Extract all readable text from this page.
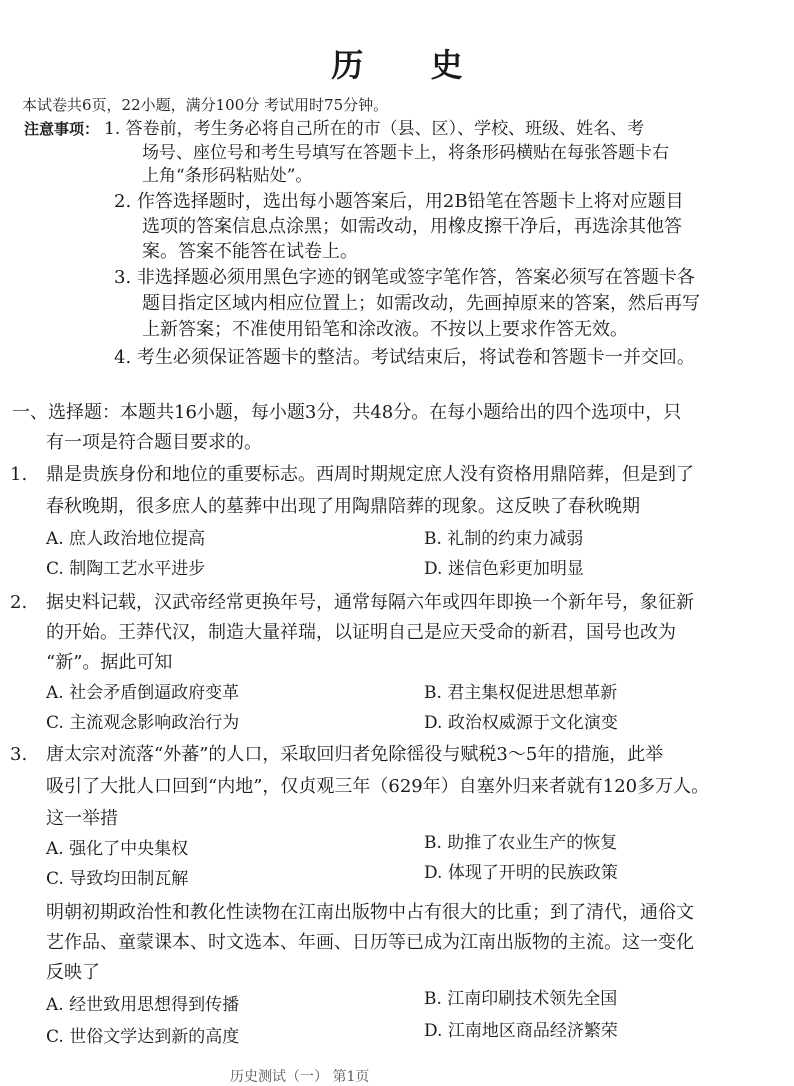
历 史
本试卷共6页，22小题，满分100分 考试用时75分钟。
注意事项： 1. 答卷前，考生务必将自己所在的市（县、区）、学校、班级、姓名、考
场号、座位号和考生号填写在答题卡上，将条形码横贴在每张答题卡右
上角“条形码粘贴处”。
2. 作答选择题时，选出每小题答案后，用2B铅笔在答题卡上将对应题目
选项的答案信息点涂黑；如需改动，用橡皮擦干净后，再选涂其他答
案。答案不能答在试卷上。
3. 非选择题必须用黑色字迹的钢笔或签字笔作答，答案必须写在答题卡各
题目指定区域内相应位置上；如需改动，先画掉原来的答案，然后再写
上新答案；不准使用铅笔和涂改液。不按以上要求作答无效。
4. 考生必须保证答题卡的整洁。考试结束后，将试卷和答题卡一并交回。
一、选择题：本题共16小题，每小题3分，共48分。在每小题给出的四个选项中，只
有一项是符合题目要求的。
1. 鼎是贵族身份和地位的重要标志。西周时期规定庶人没有资格用鼎陪葬，但是到了
春秋晚期，很多庶人的墓葬中出现了用陶鼎陪葬的现象。这反映了春秋晚期
A. 庶人政治地位提高	B. 礼制的约束力减弱
C. 制陶工艺水平进步	D. 迷信色彩更加明显
2. 据史料记载，汉武帝经常更换年号，通常每隔六年或四年即换一个新年号，象征新
的开始。王莽代汉，制造大量祥瑞，以证明自己是应天受命的新君，国号也改为
“新”。据此可知
A. 社会矛盾倒逼政府变革	B. 君主集权促进思想革新
C. 主流观念影响政治行为	D. 政治权威源于文化演变
3. 唐太宗对流落“外蕃”的人口，采取回归者免除徭役与赋税3～5年的措施，此举
吸引了大批人口回到“内地”，仅贞观三年（629年）自塞外归来者就有120多万人。
这一举措
A. 强化了中央集权	B. 助推了农业生产的恢复
C. 导致均田制瓦解	D. 体现了开明的民族政策
明朝初期政治性和教化性读物在江南出版物中占有很大的比重；到了清代，通俗文
艺作品、童蒙课本、时文选本、年画、日历等已成为江南出版物的主流。这一变化
反映了
A. 经世致用思想得到传播	B. 江南印刷技术领先全国
C. 世俗文学达到新的高度	D. 江南地区商品经济繁荣
历史测试（一） 第1页
